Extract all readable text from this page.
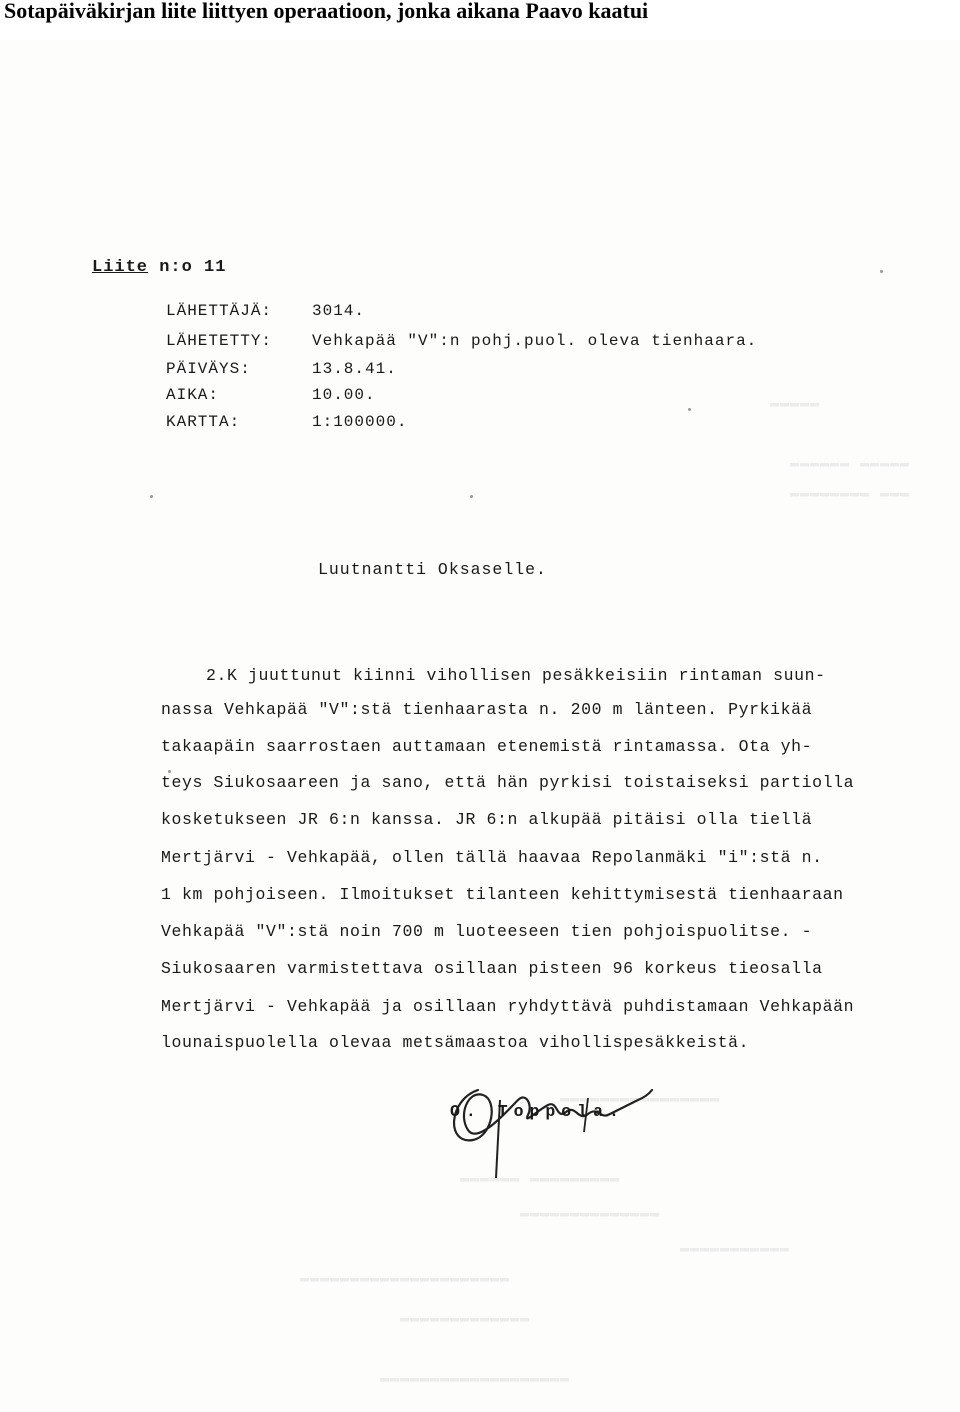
Sotapäiväkirjan liite liittyen operaatioon, jonka aikana Paavo kaatui
▬▬▬▬▬
▬▬▬▬▬▬ ▬▬▬▬▬
▬▬▬▬▬▬▬▬ ▬▬▬
▬▬▬▬▬▬▬▬▬▬▬▬▬▬▬▬
▬▬▬▬▬▬ ▬▬▬▬▬▬▬▬▬
▬▬▬▬▬▬▬▬▬▬▬▬▬▬
▬▬▬▬▬▬▬▬▬▬▬
▬▬▬▬▬▬▬▬▬▬▬▬▬▬▬▬▬▬▬▬▬
▬▬▬▬▬▬▬▬▬▬▬▬▬
▬▬▬▬▬▬▬▬▬▬▬▬▬▬▬▬▬▬▬
Liite n:o 11
LÄHETTÄJÄ: 3014.
LÄHETETTY: Vehkapää "V":n pohj.puol. oleva tienhaara.
PÄIVÄYS:	13.8.41.
AIKA:	10.00.
KARTTA:	1:100000.
Luutnantti Oksaselle.
2.K juuttunut kiinni vihollisen pesäkkeisiin rintaman suun-
nassa Vehkapää "V":stä tienhaarasta n. 200 m länteen. Pyrkikää
takaapäin saarrostaen auttamaan etenemistä rintamassa. Ota yh-
teys Siukosaareen ja sano, että hän pyrkisi toistaiseksi partiolla
kosketukseen JR 6:n kanssa. JR 6:n alkupää pitäisi olla tiellä
Mertjärvi - Vehkapää, ollen tällä haavaa Repolanmäki "i":stä n.
1 km pohjoiseen. Ilmoitukset tilanteen kehittymisestä tienhaaraan
Vehkapää "V":stä noin 700 m luoteeseen tien pohjoispuolitse. -
Siukosaaren varmistettava osillaan pisteen 96 korkeus tieosalla
Mertjärvi - Vehkapää ja osillaan ryhdyttävä puhdistamaan Vehkapään
lounaispuolella olevaa metsämaastoa vihollispesäkkeistä.
O. Toppola.
